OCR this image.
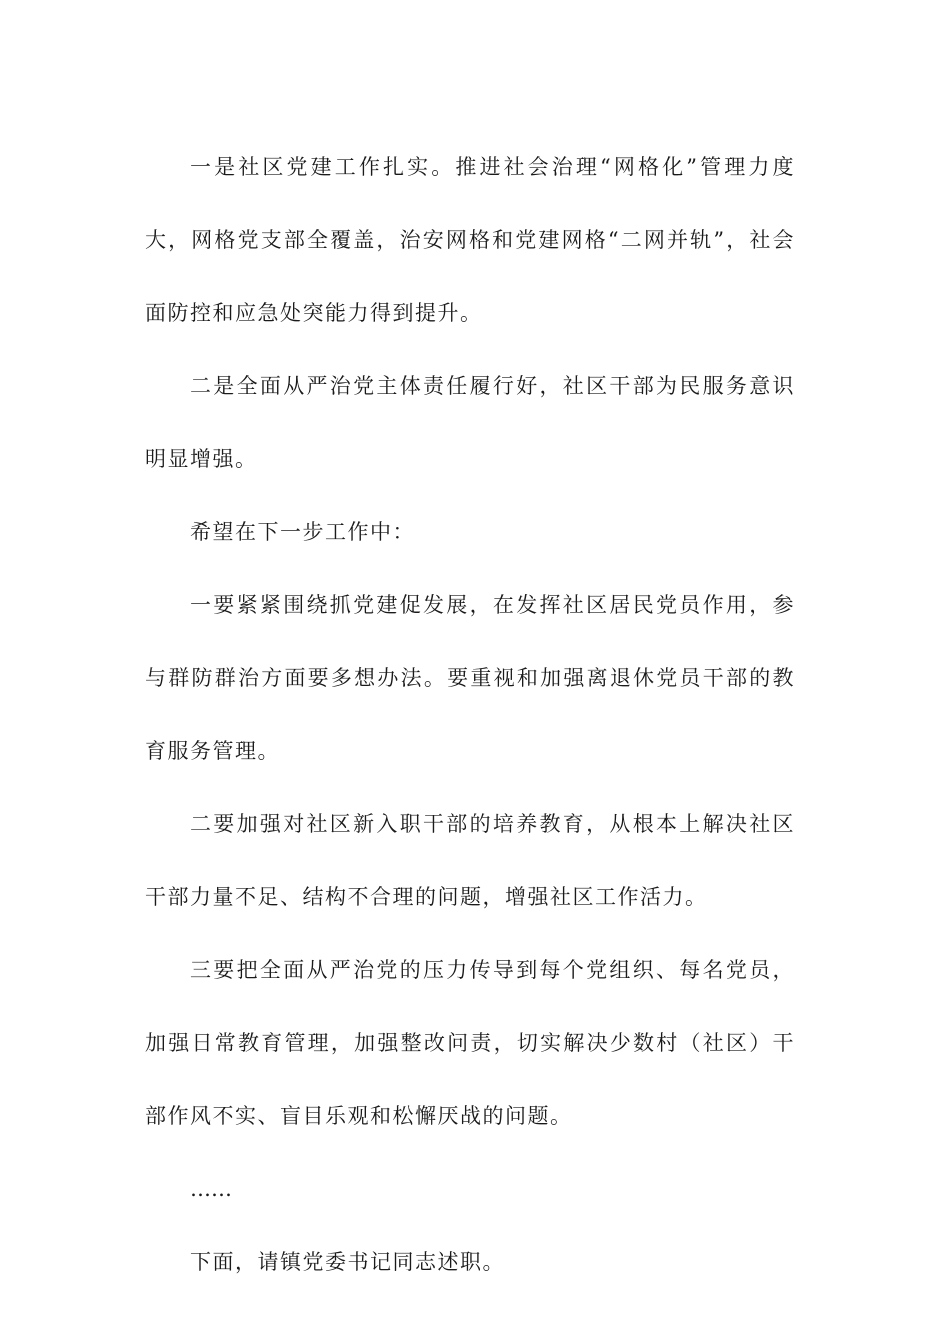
一是社区党建工作扎实。推进社会治理“网格化”管理力度大，网格党支部全覆盖，治安网格和党建网格“二网并轨”，社会面防控和应急处突能力得到提升。

二是全面从严治党主体责任履行好，社区干部为民服务意识明显增强。

希望在下一步工作中：

一要紧紧围绕抓党建促发展，在发挥社区居民党员作用，参与群防群治方面要多想办法。要重视和加强离退休党员干部的教育服务管理。

二要加强对社区新入职干部的培养教育，从根本上解决社区干部力量不足、结构不合理的问题，增强社区工作活力。

三要把全面从严治党的压力传导到每个党组织、每名党员，加强日常教育管理，加强整改问责，切实解决少数村（社区）干部作风不实、盲目乐观和松懈厌战的问题。

……

下面，请镇党委书记同志述职。
